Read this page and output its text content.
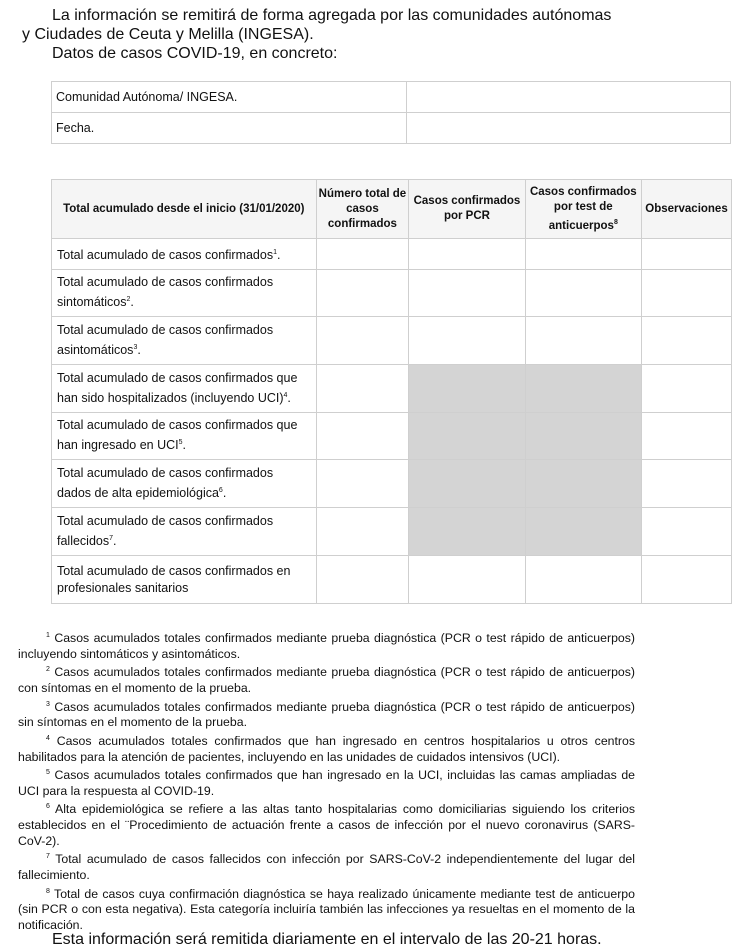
La información se remitirá de forma agregada por las comunidades autónomas

y Ciudades de Ceuta y Melilla (INGESA).

Datos de casos COVID-19, en concreto:

Comunidad Autónoma/ INGESA.	
Fecha.	
Total acumulado desde el inicio (31/01/2020)	Número total de casos confirmados	Casos confirmados por PCR	Casos confirmados por test de anticuerpos$^8$	Observaciones
Total acumulado de casos confirmados$^1$.				
Total acumulado de casos confirmados sintomáticos$^2$.				
Total acumulado de casos confirmados asintomáticos$^3$.				
Total acumulado de casos confirmados que han sido hospitalizados (incluyendo UCI)$^4$.				
Total acumulado de casos confirmados que han ingresado en UCI$^5$.				
Total acumulado de casos confirmados dados de alta epidemiológica$^6$.				
Total acumulado de casos confirmados fallecidos$^7$.				
Total acumulado de casos confirmados en profesionales sanitarios				

$^1$ Casos acumulados totales confirmados mediante prueba diagnóstica (PCR o test rápido de anticuerpos) incluyendo sintomáticos y asintomáticos.

$^2$ Casos acumulados totales confirmados mediante prueba diagnóstica (PCR o test rápido de anticuerpos) con síntomas en el momento de la prueba.

$^3$ Casos acumulados totales confirmados mediante prueba diagnóstica (PCR o test rápido de anticuerpos) sin síntomas en el momento de la prueba.

$^4$ Casos acumulados totales confirmados que han ingresado en centros hospitalarios u otros centros habilitados para la atención de pacientes, incluyendo en las unidades de cuidados intensivos (UCI).

$^5$ Casos acumulados totales confirmados que han ingresado en la UCI, incluidas las camas ampliadas de UCI para la respuesta al COVID-19.

$^6$ Alta epidemiológica se refiere a las altas tanto hospitalarias como domiciliarias siguiendo los criterios establecidos en el ¨Procedimiento de actuación frente a casos de infección por el nuevo coronavirus (SARS-CoV-2).

$^7$ Total acumulado de casos fallecidos con infección por SARS-CoV-2 independientemente del lugar del fallecimiento.

$^8$ Total de casos cuya confirmación diagnóstica se haya realizado únicamente mediante test de anticuerpo (sin PCR o con esta negativa). Esta categoría incluiría también las infecciones ya resueltas en el momento de la notificación.

Esta información será remitida diariamente en el intervalo de las 20-21 horas.
